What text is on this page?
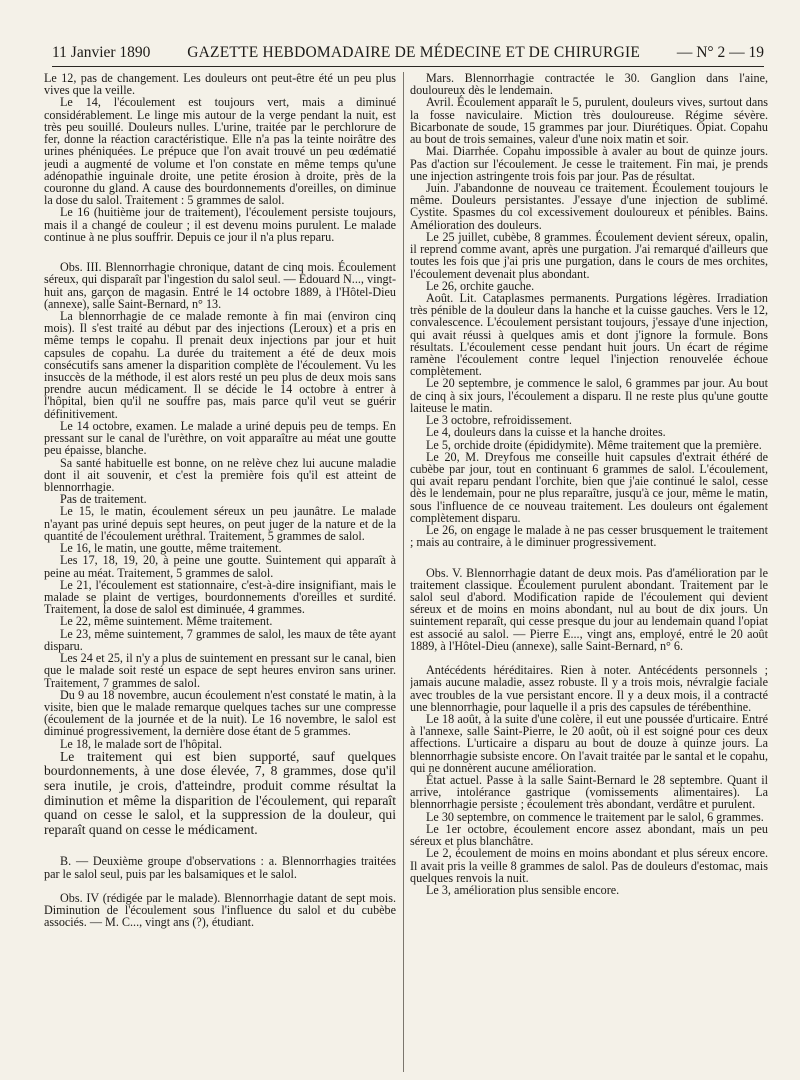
11 Janvier 1890 GAZETTE HEBDOMADAIRE DE MÉDECINE ET DE CHIRURGIE — N° 2 — 19

Le 12, pas de changement. Les douleurs ont peut-être été un peu plus vives que la veille.

Le 14, l'écoulement est toujours vert, mais a diminué considérablement. Le linge mis autour de la verge pendant la nuit, est très peu souillé. Douleurs nulles. L'urine, traitée par le perchlorure de fer, donne la réaction caractéristique. Elle n'a pas la teinte noirâtre des urines phéniquées. Le prépuce que l'on avait trouvé un peu œdématié jeudi a augmenté de volume et l'on constate en même temps qu'une adénopathie inguinale droite, une petite érosion à droite, près de la couronne du gland. A cause des bourdonnements d'oreilles, on diminue la dose du salol. Traitement : 5 grammes de salol.

Le 16 (huitième jour de traitement), l'écoulement persiste toujours, mais il a changé de couleur ; il est devenu moins purulent. Le malade continue à ne plus souffrir. Depuis ce jour il n'a plus reparu.

Obs. III. Blennorrhagie chronique, datant de cinq mois. Écoulement séreux, qui disparaît par l'ingestion du salol seul. — Edouard N..., vingt-huit ans, garçon de magasin. Entré le 14 octobre 1889, à l'Hôtel-Dieu (annexe), salle Saint-Bernard, n° 13.

La blennorrhagie de ce malade remonte à fin mai (environ cinq mois). Il s'est traité au début par des injections (Leroux) et a pris en même temps le copahu. Il prenait deux injections par jour et huit capsules de copahu. La durée du traitement a été de deux mois consécutifs sans amener la disparition complète de l'écoulement. Vu les insuccès de la méthode, il est alors resté un peu plus de deux mois sans prendre aucun médicament. Il se décide le 14 octobre à entrer à l'hôpital, bien qu'il ne souffre pas, mais parce qu'il veut se guérir définitivement.

Le 14 octobre, examen. Le malade a uriné depuis peu de temps. En pressant sur le canal de l'urèthre, on voit apparaître au méat une goutte peu épaisse, blanche.

Sa santé habituelle est bonne, on ne relève chez lui aucune maladie dont il ait souvenir, et c'est la première fois qu'il est atteint de blennorrhagie.

Pas de traitement.

Le 15, le matin, écoulement séreux un peu jaunâtre. Le malade n'ayant pas uriné depuis sept heures, on peut juger de la nature et de la quantité de l'écoulement uréthral. Traitement, 5 grammes de salol.

Le 16, le matin, une goutte, même traitement.

Les 17, 18, 19, 20, à peine une goutte. Suintement qui apparaît à peine au méat. Traitement, 5 grammes de salol.

Le 21, l'écoulement est stationnaire, c'est-à-dire insignifiant, mais le malade se plaint de vertiges, bourdonnements d'oreilles et surdité. Traitement, la dose de salol est diminuée, 4 grammes.

Le 22, même suintement. Même traitement.

Le 23, même suintement, 7 grammes de salol, les maux de tête ayant disparu.

Les 24 et 25, il n'y a plus de suintement en pressant sur le canal, bien que le malade soit resté un espace de sept heures environ sans uriner. Traitement, 7 grammes de salol.

Du 9 au 18 novembre, aucun écoulement n'est constaté le matin, à la visite, bien que le malade remarque quelques taches sur une compresse (écoulement de la journée et de la nuit). Le 16 novembre, le salol est diminué progressivement, la dernière dose étant de 5 grammes.

Le 18, le malade sort de l'hôpital.

Le traitement qui est bien supporté, sauf quelques bourdonnements, à une dose élevée, 7, 8 grammes, dose qu'il sera inutile, je crois, d'atteindre, produit comme résultat la diminution et même la disparition de l'écoulement, qui reparaît quand on cesse le salol, et la suppression de la douleur, qui reparaît quand on cesse le médicament.

B. — Deuxième groupe d'observations : a. Blennorrhagies traitées par le salol seul, puis par les balsamiques et le salol.

Obs. IV (rédigée par le malade). Blennorrhagie datant de sept mois. Diminution de l'écoulement sous l'influence du salol et du cubèbe associés. — M. C..., vingt ans (?), étudiant.

Mars. Blennorrhagie contractée le 30. Ganglion dans l'aine, douloureux dès le lendemain.

Avril. Écoulement apparaît le 5, purulent, douleurs vives, surtout dans la fosse naviculaire. Miction très douloureuse. Régime sévère. Bicarbonate de soude, 15 grammes par jour. Diurétiques. Opiat. Copahu au bout de trois semaines, valeur d'une noix matin et soir.

Mai. Diarrhée. Copahu impossible à avaler au bout de quinze jours. Pas d'action sur l'écoulement. Je cesse le traitement. Fin mai, je prends une injection astringente trois fois par jour. Pas de résultat.

Juin. J'abandonne de nouveau ce traitement. Écoulement toujours le même. Douleurs persistantes. J'essaye d'une injection de sublimé. Cystite. Spasmes du col excessivement douloureux et pénibles. Bains. Amélioration des douleurs.

Le 25 juillet, cubèbe, 8 grammes. Écoulement devient séreux, opalin, il reprend comme avant, après une purgation. J'ai remarqué d'ailleurs que toutes les fois que j'ai pris une purgation, dans le cours de mes orchites, l'écoulement devenait plus abondant.

Le 26, orchite gauche.

Août. Lit. Cataplasmes permanents. Purgations légères. Irradiation très pénible de la douleur dans la hanche et la cuisse gauches. Vers le 12, convalescence. L'écoulement persistant toujours, j'essaye d'une injection, qui avait réussi à quelques amis et dont j'ignore la formule. Bons résultats. L'écoulement cesse pendant huit jours. Un écart de régime ramène l'écoulement contre lequel l'injection renouvelée échoue complètement.

Le 20 septembre, je commence le salol, 6 grammes par jour. Au bout de cinq à six jours, l'écoulement a disparu. Il ne reste plus qu'une goutte laiteuse le matin.

Le 3 octobre, refroidissement.

Le 4, douleurs dans la cuisse et la hanche droites.

Le 5, orchide droite (épididymite). Même traitement que la première.

Le 20, M. Dreyfous me conseille huit capsules d'extrait éthéré de cubèbe par jour, tout en continuant 6 grammes de salol. L'écoulement, qui avait reparu pendant l'orchite, bien que j'aie continué le salol, cesse dès le lendemain, pour ne plus reparaître, jusqu'à ce jour, même le matin, sous l'influence de ce nouveau traitement. Les douleurs ont également complètement disparu.

Le 26, on engage le malade à ne pas cesser brusquement le traitement ; mais au contraire, à le diminuer progressivement.

Obs. V. Blennorrhagie datant de deux mois. Pas d'amélioration par le traitement classique. Écoulement purulent abondant. Traitement par le salol seul d'abord. Modification rapide de l'écoulement qui devient séreux et de moins en moins abondant, nul au bout de dix jours. Un suintement reparaît, qui cesse presque du jour au lendemain quand l'opiat est associé au salol. — Pierre E..., vingt ans, employé, entré le 20 août 1889, à l'Hôtel-Dieu (annexe), salle Saint-Bernard, n° 6.

Antécédents héréditaires. Rien à noter. Antécédents personnels ; jamais aucune maladie, assez robuste. Il y a trois mois, névralgie faciale avec troubles de la vue persistant encore. Il y a deux mois, il a contracté une blennorrhagie, pour laquelle il a pris des capsules de térébenthine.

Le 18 août, à la suite d'une colère, il eut une poussée d'urticaire. Entré à l'annexe, salle Saint-Pierre, le 20 août, où il est soigné pour ces deux affections. L'urticaire a disparu au bout de douze à quinze jours. La blennorrhagie subsiste encore. On l'avait traitée par le santal et le copahu, qui ne donnèrent aucune amélioration.

État actuel. Passe à la salle Saint-Bernard le 28 septembre. Quant il arrive, intolérance gastrique (vomissements alimentaires). La blennorrhagie persiste ; écoulement très abondant, verdâtre et purulent.

Le 30 septembre, on commence le traitement par le salol, 6 grammes.

Le 1er octobre, écoulement encore assez abondant, mais un peu séreux et plus blanchâtre.

Le 2, écoulement de moins en moins abondant et plus séreux encore. Il avait pris la veille 8 grammes de salol. Pas de douleurs d'estomac, mais quelques renvois la nuit.

Le 3, amélioration plus sensible encore.
